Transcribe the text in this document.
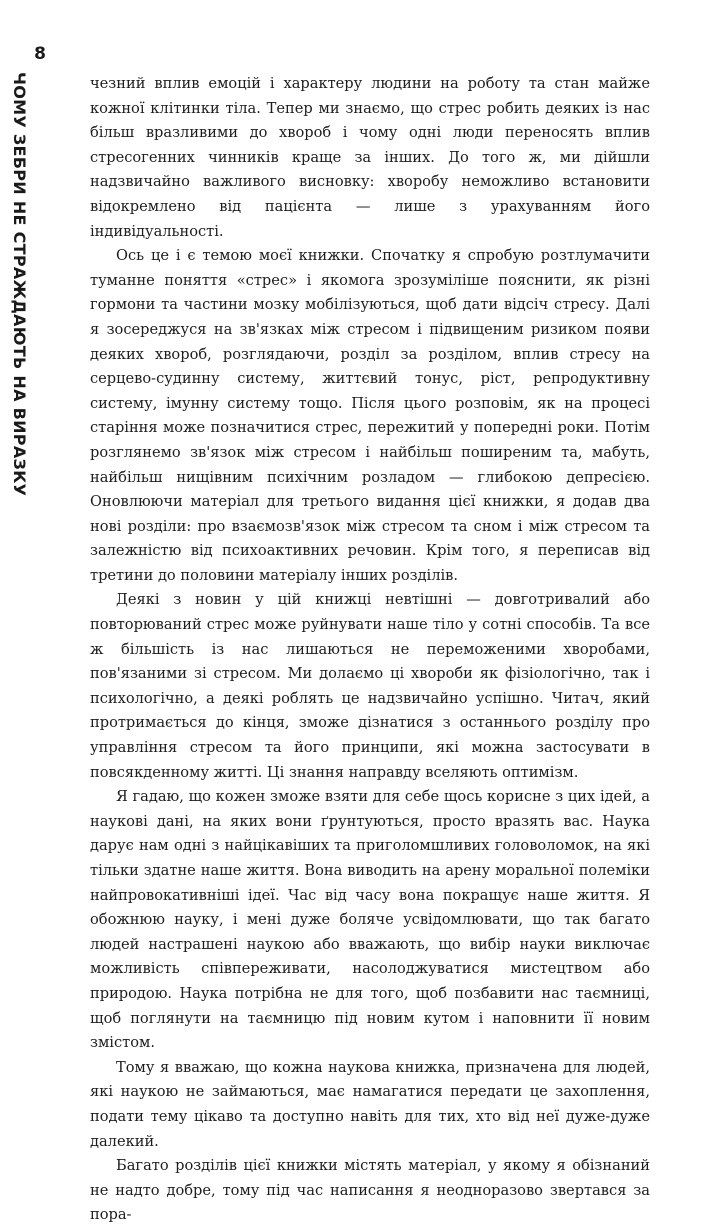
8
ЧОМУ ЗЕБРИ НЕ СТРАЖДАЮТЬ НА ВИРАЗКУ	чезний вплив емоцій і характеру людини на роботу та стан майже кожної клітинки тіла. Тепер ми знаємо, що стрес робить деяких із нас більш вразливими до хвороб і чому одні люди переносять вплив стресогенних чинників краще за інших. До того ж, ми дійшли надзвичайно важливого висновку: хворобу неможливо встановити відокремлено від пацієнта — лише з урахуванням його індивідуальності.

Ось це і є темою моєї книжки. Спочатку я спробую розтлумачити туманне поняття «стрес» і якомога зрозуміліше пояснити, як різні гормони та частини мозку мобілізуються, щоб дати відсіч стресу. Далі я зосереджуся на зв'язках між стресом і підвищеним ризиком появи деяких хвороб, розглядаючи, розділ за розділом, вплив стресу на серцево-судинну систему, життєвий тонус, ріст, репродуктивну систему, імунну систему тощо. Після цього розповім, як на процесі старіння може позначитися стрес, пережитий у попередні роки. Потім розглянемо зв'язок між стресом і найбільш поширеним та, мабуть, найбільш нищівним психічним розладом — глибокою депресією. Оновлюючи матеріал для третього видання цієї книжки, я додав два нові розділи: про взаємозв'язок між стресом та сном і між стресом та залежністю від психоактивних речовин. Крім того, я переписав від третини до половини матеріалу інших розділів.

Деякі з новин у цій книжці невтішні — довготривалий або повторюваний стрес може руйнувати наше тіло у сотні способів. Та все ж більшість із нас лишаються не переможеними хворобами, пов'язаними зі стресом. Ми долаємо ці хвороби як фізіологічно, так і психологічно, а деякі роблять це надзвичайно успішно. Читач, який протримається до кінця, зможе дізнатися з останнього розділу про управління стресом та його принципи, які можна застосувати в повсякденному житті. Ці знання направду вселяють оптимізм.

Я гадаю, що кожен зможе взяти для себе щось корисне з цих ідей, а наукові дані, на яких вони ґрунтуються, просто вразять вас. Наука дарує нам одні з найцікавіших та приголомшливих головоломок, на які тільки здатне наше життя. Вона виводить на арену моральної полеміки найпровокативніші ідеї. Час від часу вона покращує наше життя. Я обожнюю науку, і мені дуже боляче усвідомлювати, що так багато людей настрашені наукою або вважають, що вибір науки виключає можливість співпереживати, насолоджуватися мистецтвом або природою. Наука потрібна не для того, щоб позбавити нас таємниці, щоб поглянути на таємницю під новим кутом і наповнити її новим змістом.

Тому я вважаю, що кожна наукова книжка, призначена для людей, які наукою не займаються, має намагатися передати це захоплення, подати тему цікаво та доступно навіть для тих, хто від неї дуже-дуже далекий.

Багато розділів цієї книжки містять матеріал, у якому я обізнаний не надто добре, тому під час написання я неодноразово звертався за пора-
